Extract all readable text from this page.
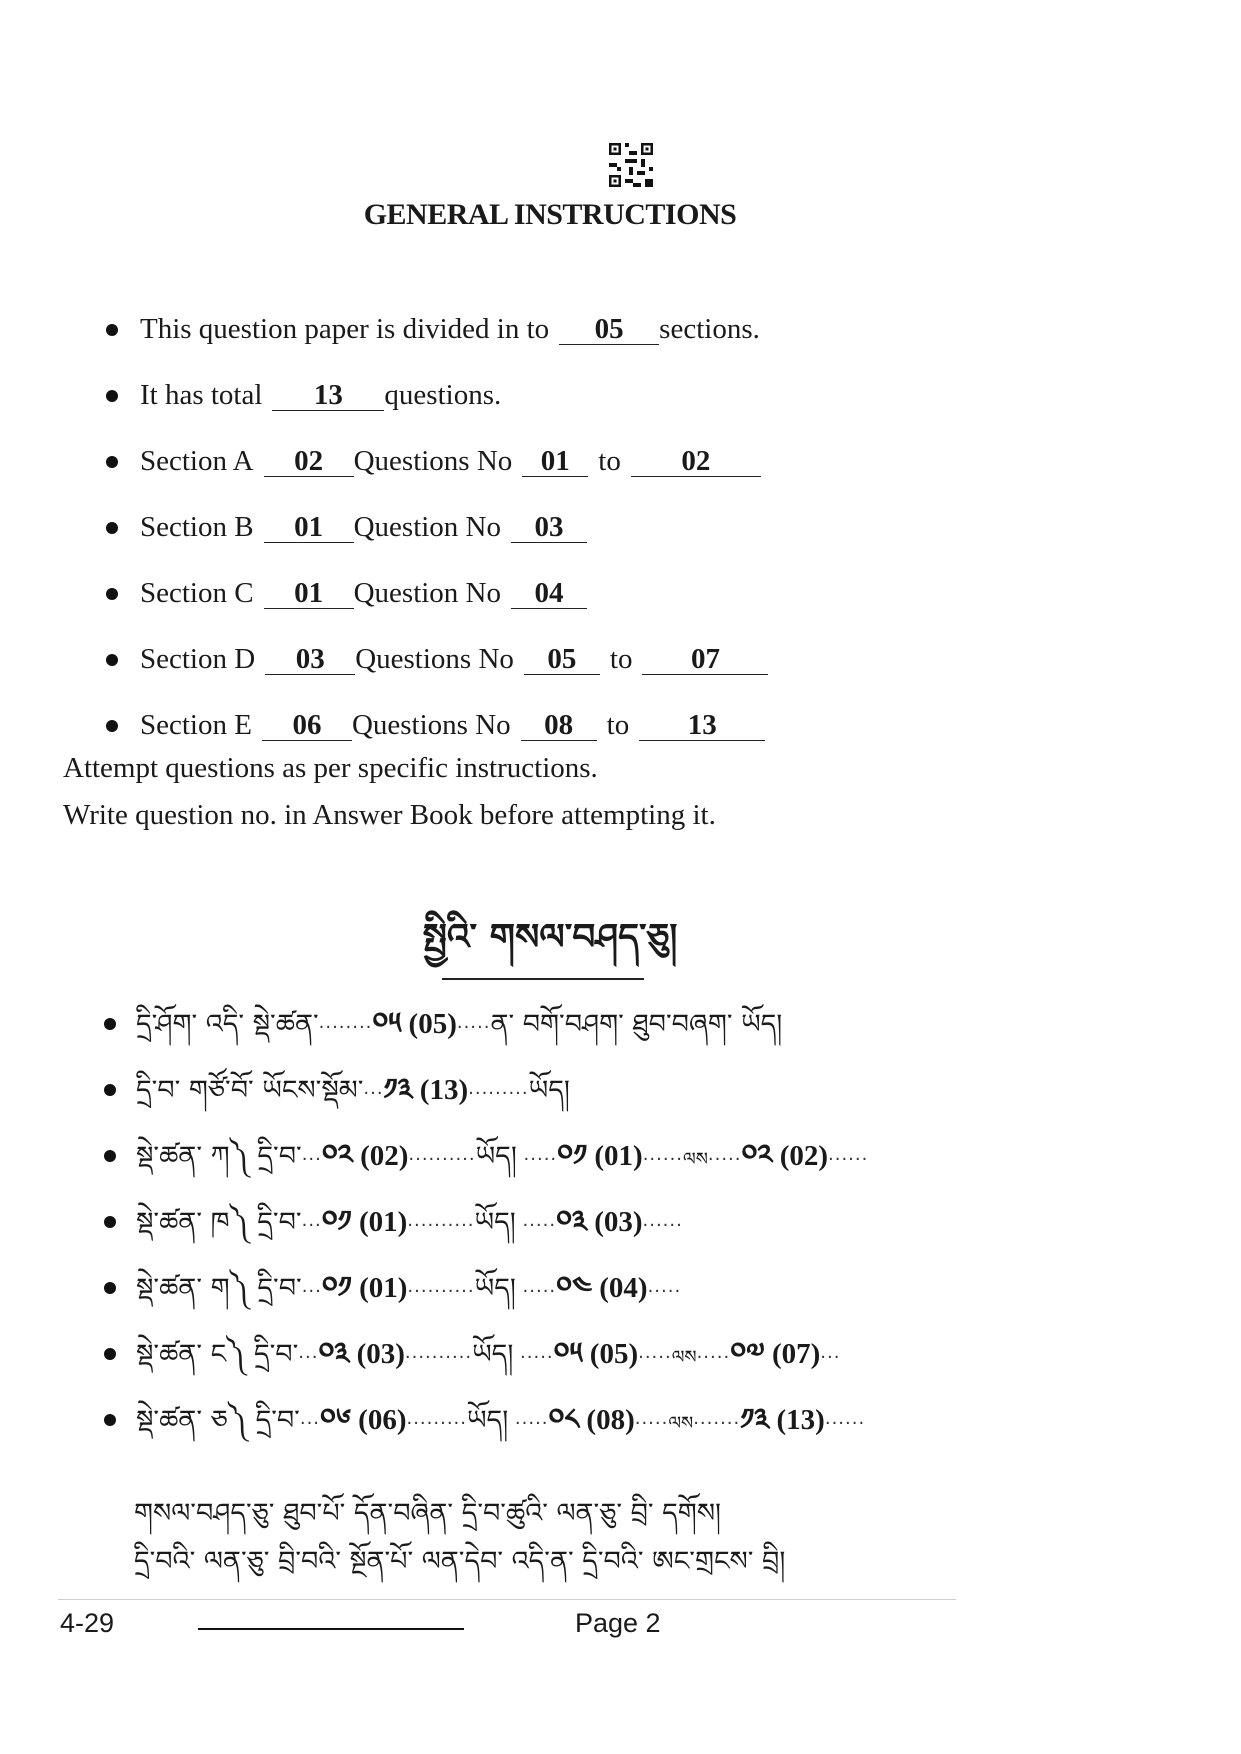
GENERAL INSTRUCTIONS
This question paper is divided in to 05 sections.
It has total 13 questions.
Section A 02 Questions No 01 to 02
Section B 01 Question No 03
Section C 01 Question No 04
Section D 03 Questions No 05 to 07
Section E 06 Questions No 08 to 13
Attempt questions as per specific instructions.
Write question no. in Answer Book before attempting it.
སྤྱིའི་ གསལ་བཤད་ཅུ།
དྲི་ཤོག་ འདི་ སྡེ་ཚན་········༠༥ (05)·····ན་ བགོ་བཤག་ ཐུབ་བཞག་ ཡོད།
དྲི་བ་ གཙོ་བོ་ ཡོངས་སྡོམ་···༡༣ (13)·········ཡོད།
སྡེ་ཚན་ ཀ༽ དྲི་བ་···༠༢ (02)··········ཡོད། ·····༠༡ (01)······ལས·····༠༢ (02)······
སྡེ་ཚན་ ཁ༽ དྲི་བ་···༠༡ (01)··········ཡོད། ·····༠༣ (03)······
སྡེ་ཚན་ ག༽ དྲི་བ་···༠༡ (01)··········ཡོད། ·····༠༤ (04)·····
སྡེ་ཚན་ ང༽ དྲི་བ་···༠༣ (03)··········ཡོད། ·····༠༥ (05)·····ལས·····༠༧ (07)···
སྡེ་ཚན་ ཅ༽ དྲི་བ་···༠༦ (06)·········ཡོད། ·····༠༨ (08)·····ལས·······༡༣ (13)······
གསལ་བཤད་ཅུ་ ཐུབ་པོ་ དོན་བཞིན་ དྲི་བ་ཚུའི་ ལན་ཅུ་ བྲི་ དགོས།
དྲི་བའི་ ལན་ཅུ་ བྲི་བའི་ སྔོན་པོ་ ལན་དེབ་ འདི་ན་ དྲི་བའི་ ཨང་གྲངས་ བྲི།
4-29	Page 2
